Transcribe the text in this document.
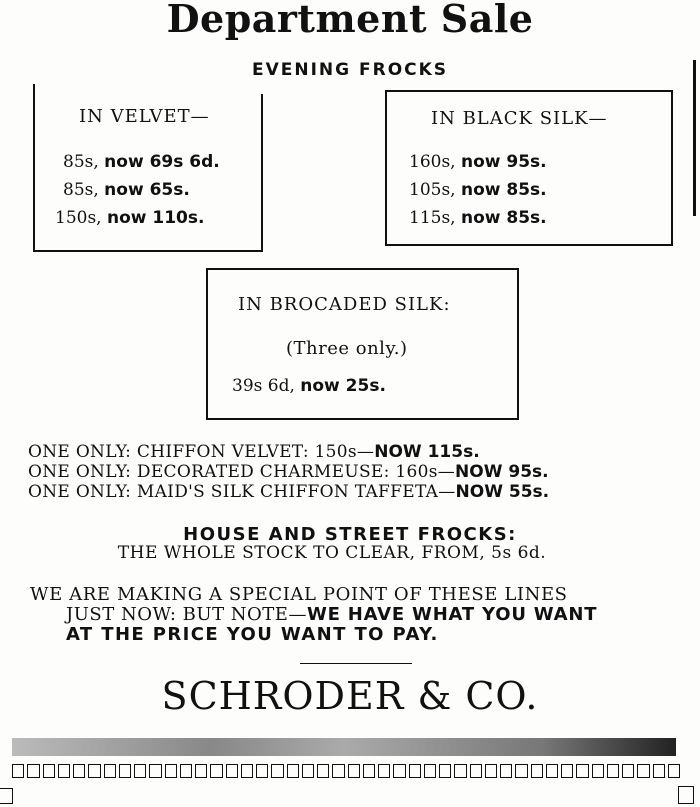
Department Sale
EVENING FROCKS
IN VELVET—
85s, now 69s 6d.
85s, now 65s.
150s, now 110s.
IN BLACK SILK—
160s, now 95s.
105s, now 85s.
115s, now 85s.
IN BROCADED SILK:
(Three only.)
39s 6d, now 25s.
ONE ONLY: CHIFFON VELVET: 150s—NOW 115s.
ONE ONLY: DECORATED CHARMEUSE: 160s—NOW 95s.
ONE ONLY: MAID'S SILK CHIFFON TAFFETA—NOW 55s.
HOUSE AND STREET FROCKS:
THE WHOLE STOCK TO CLEAR, FROM, 5s 6d.
WE ARE MAKING A SPECIAL POINT OF THESE LINES
JUST NOW: BUT NOTE—WE HAVE WHAT YOU WANT
AT THE PRICE YOU WANT TO PAY.
SCHRODER & CO.
